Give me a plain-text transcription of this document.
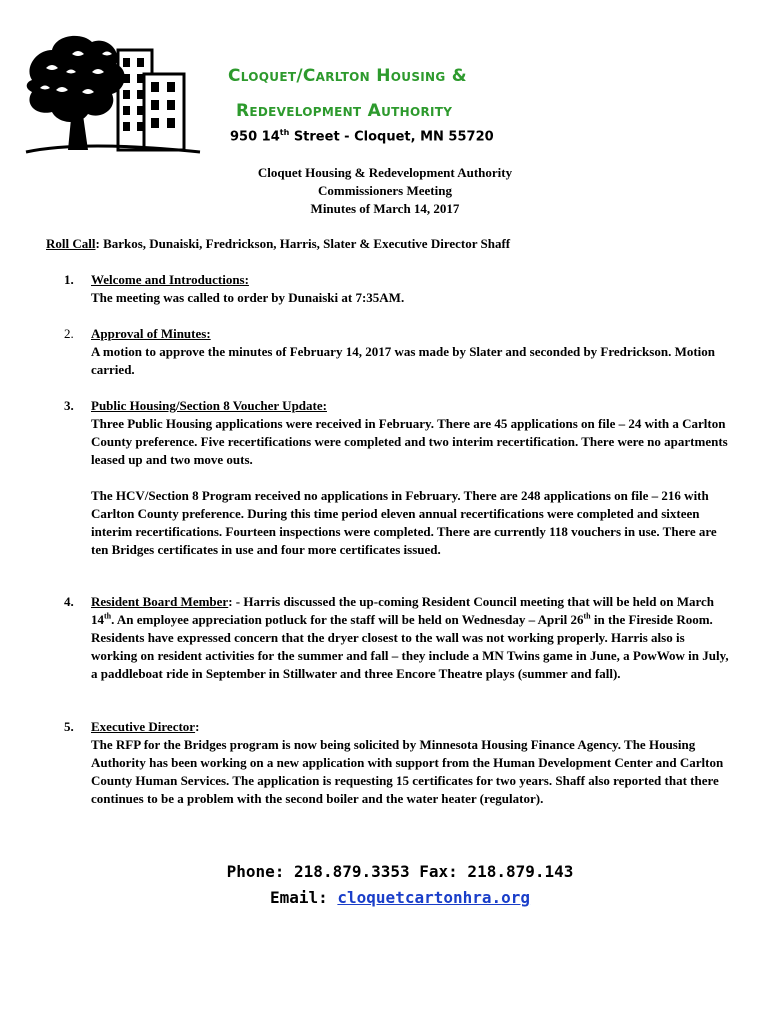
Cloquet/Carlton Housing &
Redevelopment Authority
950 14th Street - Cloquet, MN 55720
Cloquet Housing & Redevelopment Authority
Commissioners Meeting
Minutes of March 14, 2017
Roll Call: Barkos, Dunaiski, Fredrickson, Harris, Slater & Executive Director Shaff
1.	Welcome and Introductions:

The meeting was called to order by Dunaiski at 7:35AM.

2.	Approval of Minutes:

A motion to approve the minutes of February 14, 2017 was made by Slater and seconded by Fredrickson. Motion carried.

3.	Public Housing/Section 8 Voucher Update:

Three Public Housing applications were received in February. There are 45 applications on file – 24 with a Carlton County preference. Five recertifications were completed and two interim recertification. There were no apartments leased up and two move outs.

The HCV/Section 8 Program received no applications in February. There are 248 applications on file – 216 with Carlton County preference. During this time period eleven annual recertifications were completed and sixteen interim recertifications. Fourteen inspections were completed. There are currently 118 vouchers in use. There are ten Bridges certificates in use and four more certificates issued.

4.	Resident Board Member: - Harris discussed the up-coming Resident Council meeting that will be held on March 14th. An employee appreciation potluck for the staff will be held on Wednesday – April 26th in the Fireside Room. Residents have expressed concern that the dryer closest to the wall was not working properly. Harris also is working on resident activities for the summer and fall – they include a MN Twins game in June, a PowWow in July, a paddleboat ride in September in Stillwater and three Encore Theatre plays (summer and fall).

5.	Executive Director:

The RFP for the Bridges program is now being solicited by Minnesota Housing Finance Agency. The Housing Authority has been working on a new application with support from the Human Development Center and Carlton County Human Services. The application is requesting 15 certificates for two years. Shaff also reported that there continues to be a problem with the second boiler and the water heater (regulator).

Phone: 218.879.3353 Fax: 218.879.143
Email: cloquetcartonhra.org
